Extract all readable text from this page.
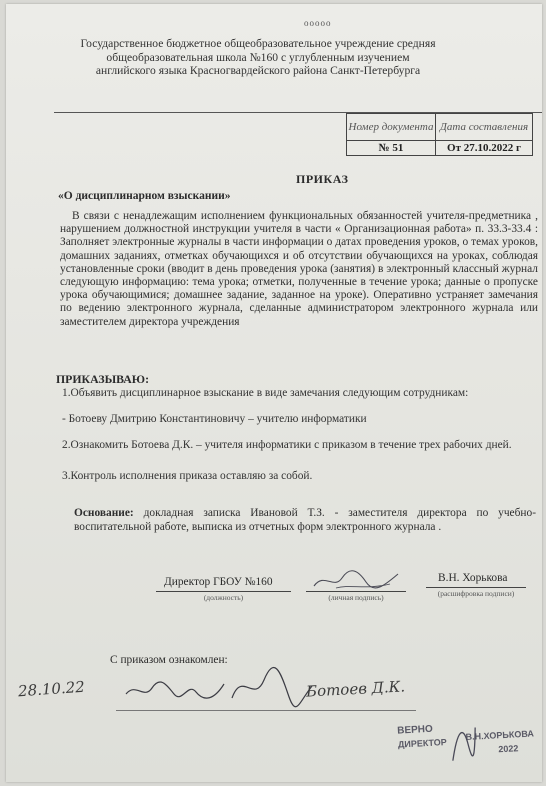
ооооо
Государственное бюджетное общеобразовательное учреждение средняя
общеобразовательная школа №160 с углубленным изучением
английского языка Красногвардейского района Санкт-Петербурга
Номер документа	Дата составления
№ 51	От 27.10.2022 г
ПРИКАЗ
«О дисциплинарном взыскании»
В связи с ненадлежащим исполнением функциональных обязанностей учителя-предметника , нарушением должностной инструкции учителя в части « Организационная работа» п. 33.3-33.4 : Заполняет электронные журналы в части информации о датах проведения уроков, о темах уроков, домашних заданиях, отметках обучающихся и об отсутствии обучающихся на уроках, соблюдая установленные сроки (вводит в день проведения урока (занятия) в электронный классный журнал следующую информацию: тема урока; отметки, полученные в течение урока; данные о пропуске урока обучающимися; домашнее задание, заданное на уроке). Оперативно устраняет замечания по ведению электронного журнала, сделанные администратором электронного журнала или заместителем директора учреждения
ПРИКАЗЫВАЮ:
1.Объявить дисциплинарное взыскание в виде замечания следующим сотрудникам:
- Ботоеву Дмитрию Константиновичу – учителю информатики
2.Ознакомить Ботоева Д.К. – учителя информатики с приказом в течение трех рабочих дней.
3.Контроль исполнения приказа оставляю за собой.
Основание: докладная записка Ивановой Т.З. - заместителя директора по учебно-воспитательной работе, выписка из отчетных форм электронного журнала .
Директор ГБОУ №160
(должность)	(личная подпись)
В.Н. Хорькова
(расшифровка подписи)
С приказом ознакомлен:
28.10.22	Ботоев Д.К.
ВЕРНО
ДИРЕКТОР
В.Н.ХОРЬКОВА
2022
